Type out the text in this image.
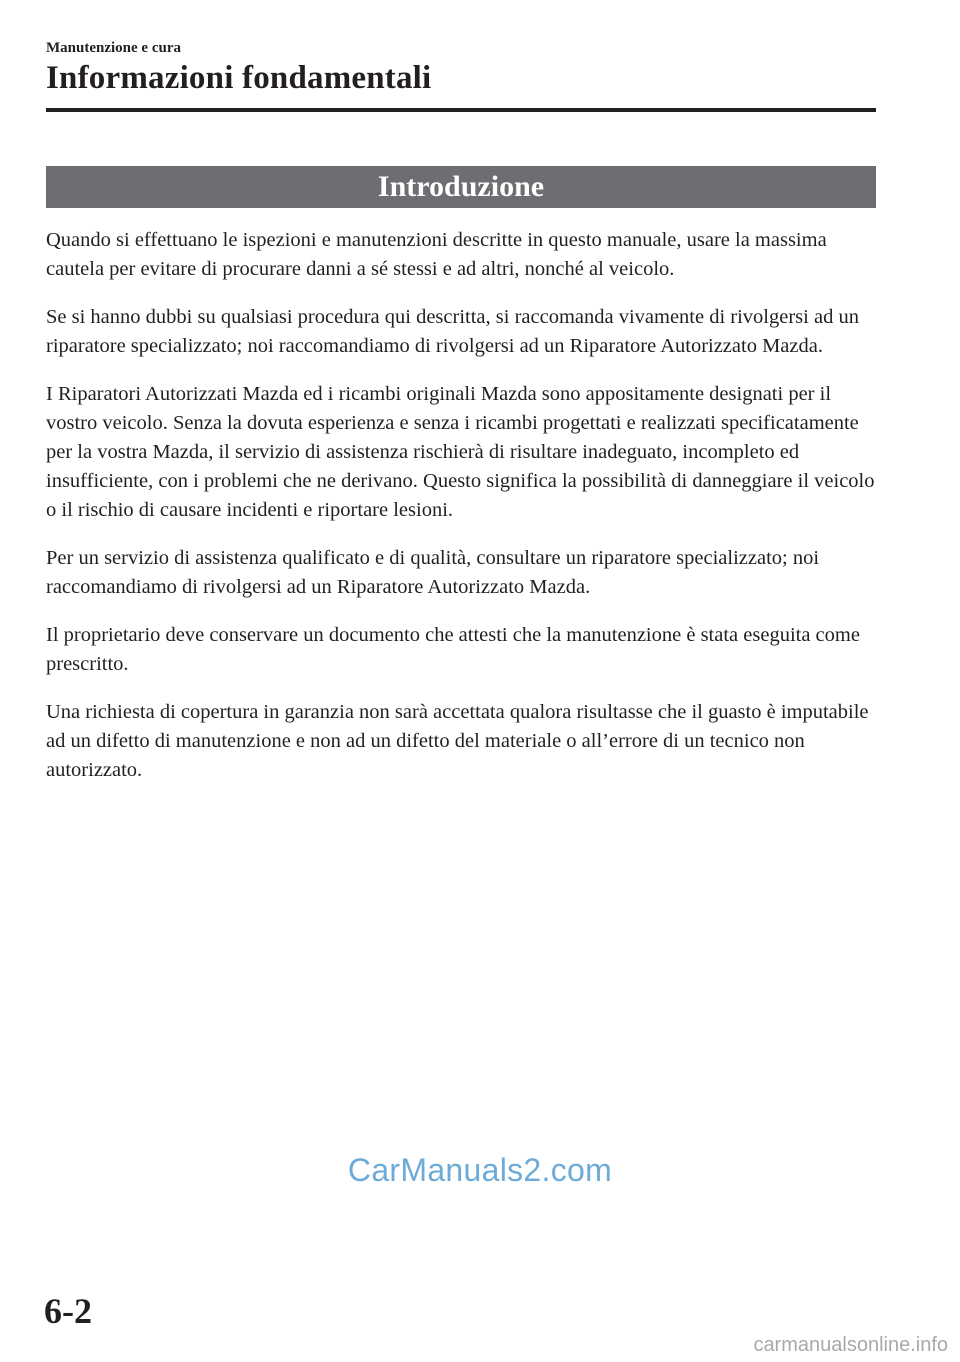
Manutenzione e cura
Informazioni fondamentali
Introduzione

Quando si effettuano le ispezioni e manutenzioni descritte in questo manuale, usare la massima cautela per evitare di procurare danni a sé stessi e ad altri, nonché al veicolo.

Se si hanno dubbi su qualsiasi procedura qui descritta, si raccomanda vivamente di rivolgersi ad un riparatore specializzato; noi raccomandiamo di rivolgersi ad un Riparatore Autorizzato Mazda.

I Riparatori Autorizzati Mazda ed i ricambi originali Mazda sono appositamente designati per il vostro veicolo. Senza la dovuta esperienza e senza i ricambi progettati e realizzati specificatamente per la vostra Mazda, il servizio di assistenza rischierà di risultare inadeguato, incompleto ed insufficiente, con i problemi che ne derivano. Questo significa la possibilità di danneggiare il veicolo o il rischio di causare incidenti e riportare lesioni.

Per un servizio di assistenza qualificato e di qualità, consultare un riparatore specializzato; noi raccomandiamo di rivolgersi ad un Riparatore Autorizzato Mazda.

Il proprietario deve conservare un documento che attesti che la manutenzione è stata eseguita come prescritto.

Una richiesta di copertura in garanzia non sarà accettata qualora risultasse che il guasto è imputabile ad un difetto di manutenzione e non ad un difetto del materiale o all’errore di un tecnico non autorizzato.

CarManuals2.com
6-2
carmanualsonline.info
